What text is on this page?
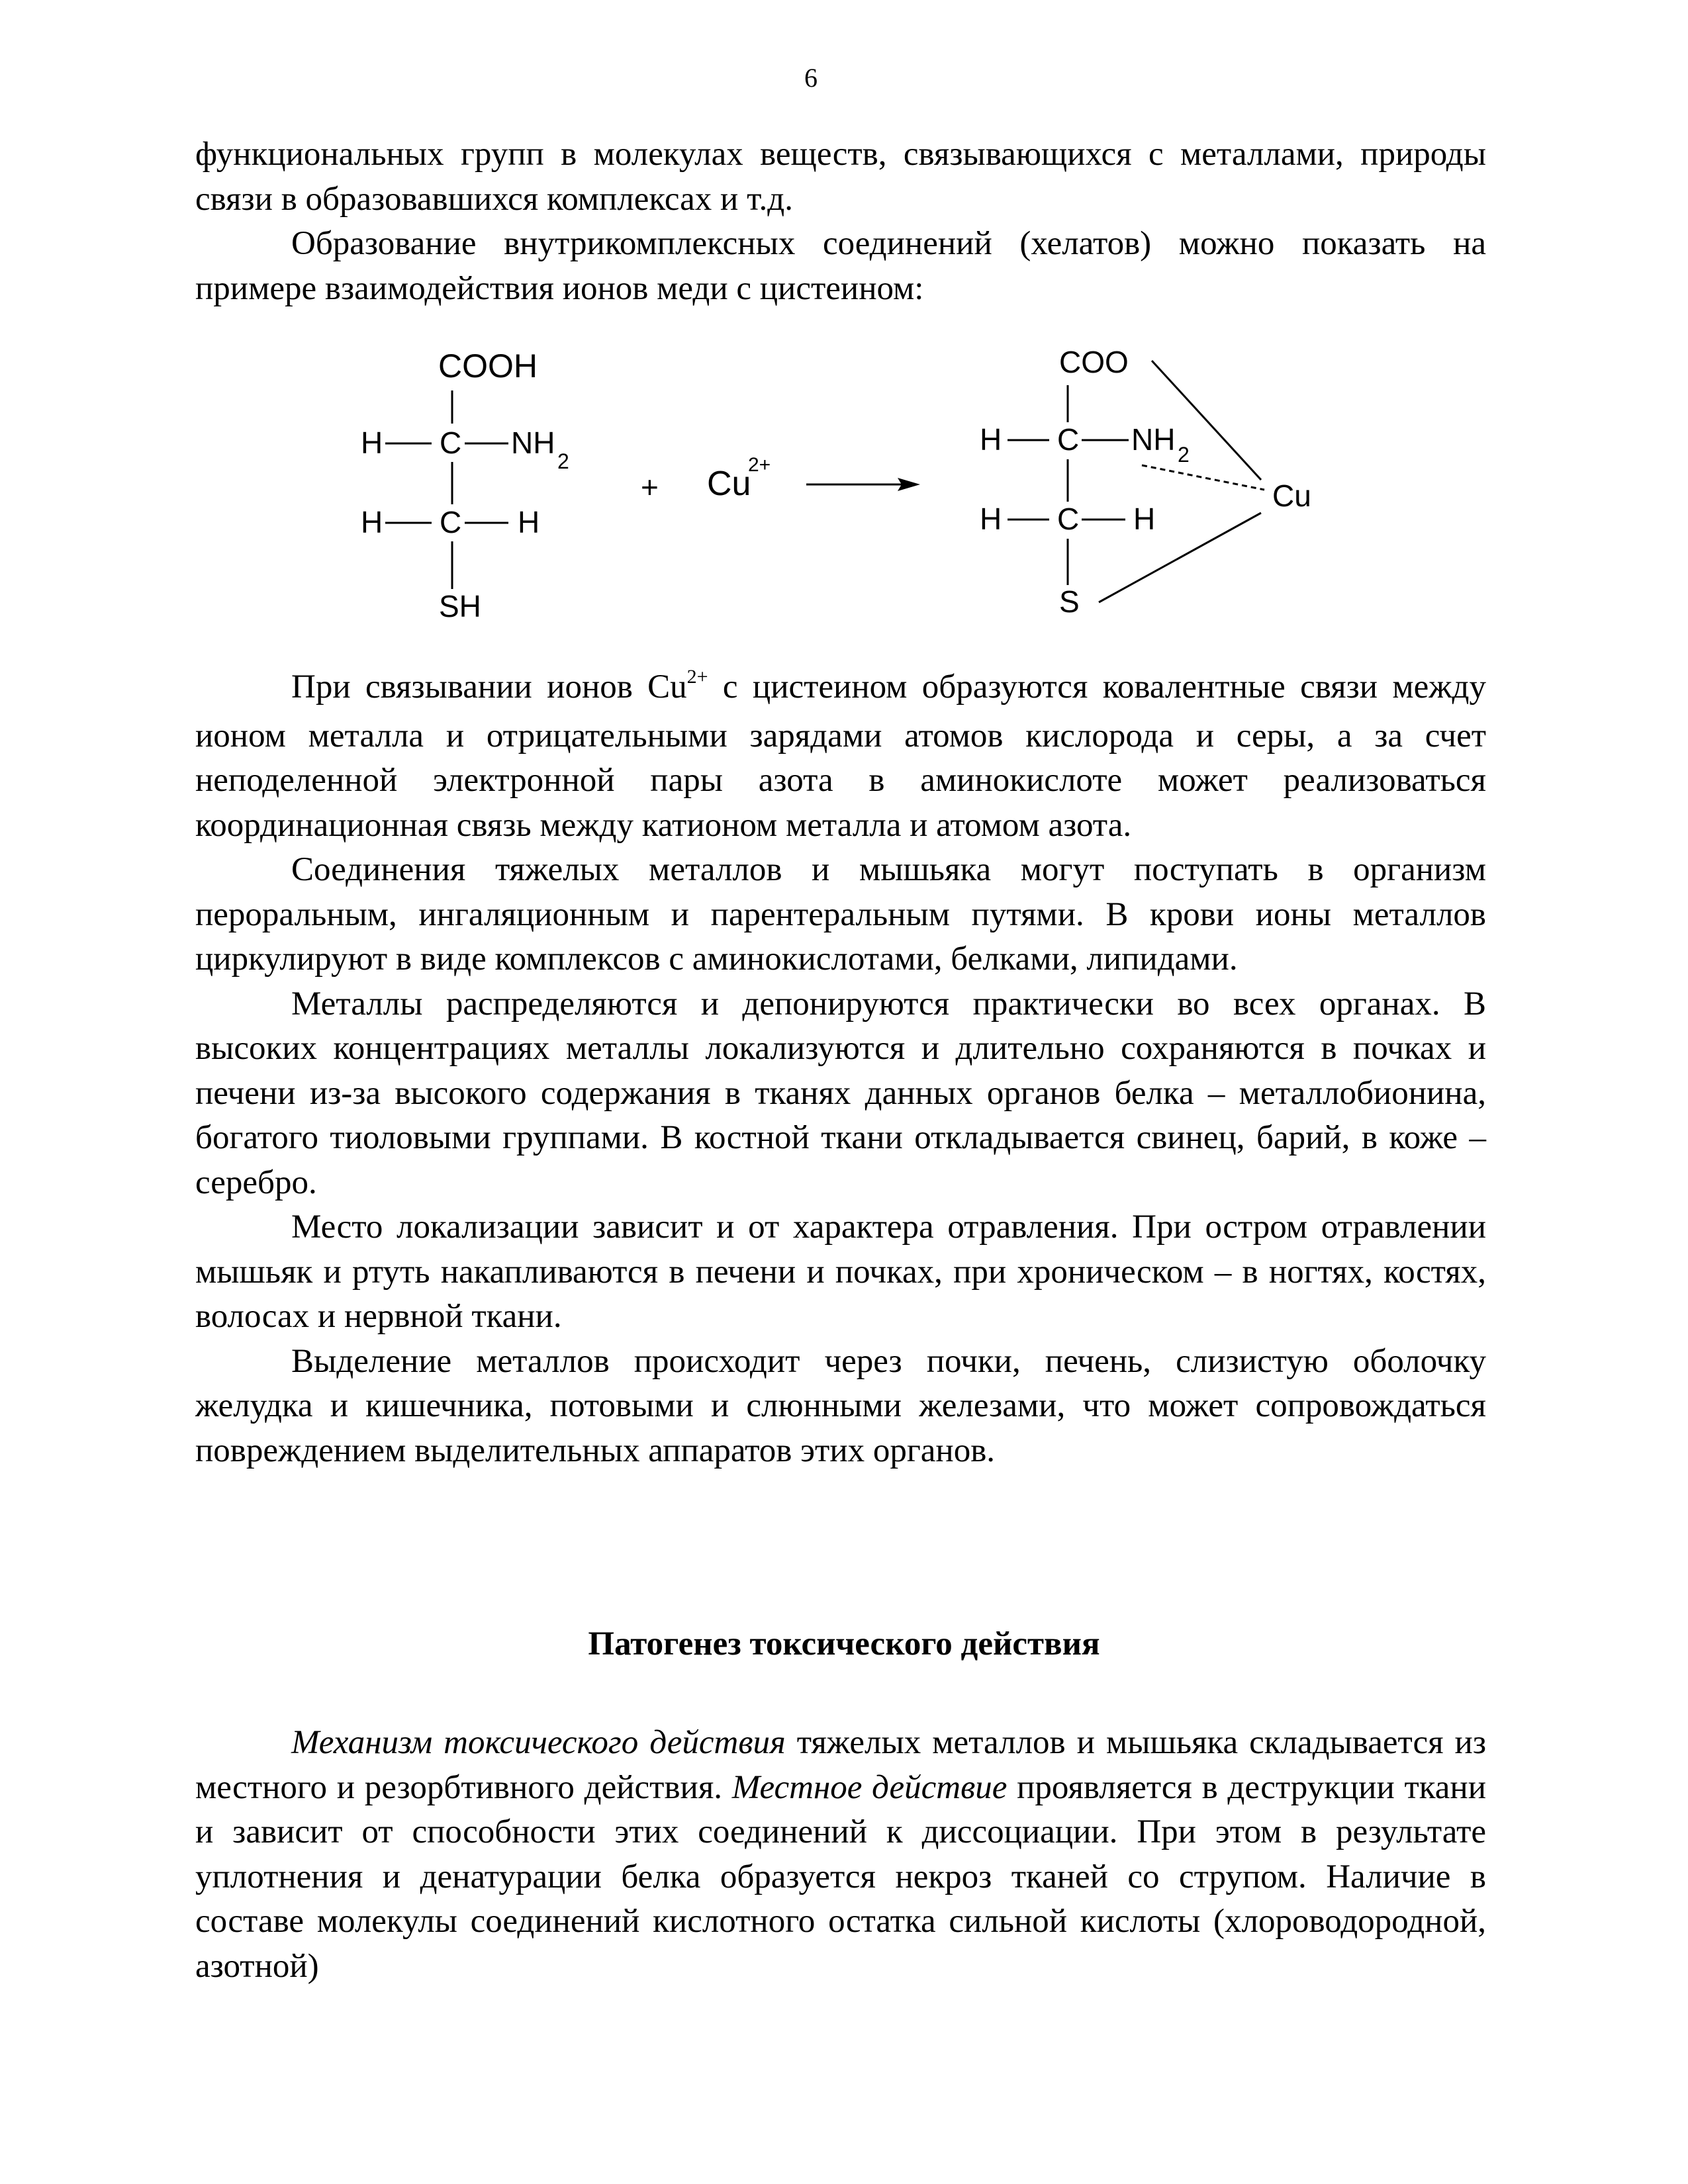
6

функциональных групп в молекулах веществ, связывающихся с металлами, природы связи в образовавшихся комплексах и т.д.

Образование внутрикомплексных соединений (хелатов) можно показать на примере взаимодействия ионов меди с цистеином:

COOH
H C NH
2
H C H
SH
+ Cu
2+
COO
H C NH 2
H C H
S
Cu

При связывании ионов $Cu^{2+}$ с цистеином образуются ковалентные связи между ионом металла и отрицательными зарядами атомов кислорода и серы, а за счет неподеленной электронной пары азота в аминокислоте может реализоваться координационная связь между катионом металла и атомом азота.

Соединения тяжелых металлов и мышьяка могут поступать в организм пероральным, ингаляционным и парентеральным путями. В крови ионы металлов циркулируют в виде комплексов с аминокислотами, белками, липидами.

Металлы распределяются и депонируются практически во всех органах. В высоких концентрациях металлы локализуются и длительно сохраняются в почках и печени из-за высокого содержания в тканях данных органов белка – металлобионина, богатого тиоловыми группами. В костной ткани откладывается свинец, барий, в коже – серебро.

Место локализации зависит и от характера отравления. При остром отравлении мышьяк и ртуть накапливаются в печени и почках, при хроническом – в ногтях, костях, волосах и нервной ткани.

Выделение металлов происходит через почки, печень, слизистую оболочку желудка и кишечника, потовыми и слюнными железами, что может сопровождаться повреждением выделительных аппаратов этих органов.

Патогенез токсического действия

Механизм токсического действия тяжелых металлов и мышьяка складывается из местного и резорбтивного действия. Местное действие проявляется в деструкции ткани и зависит от способности этих соединений к диссоциации. При этом в результате уплотнения и денатурации белка образуется некроз тканей со струпом. Наличие в составе молекулы соединений кислотного остатка сильной кислоты (хлороводородной, азотной)
